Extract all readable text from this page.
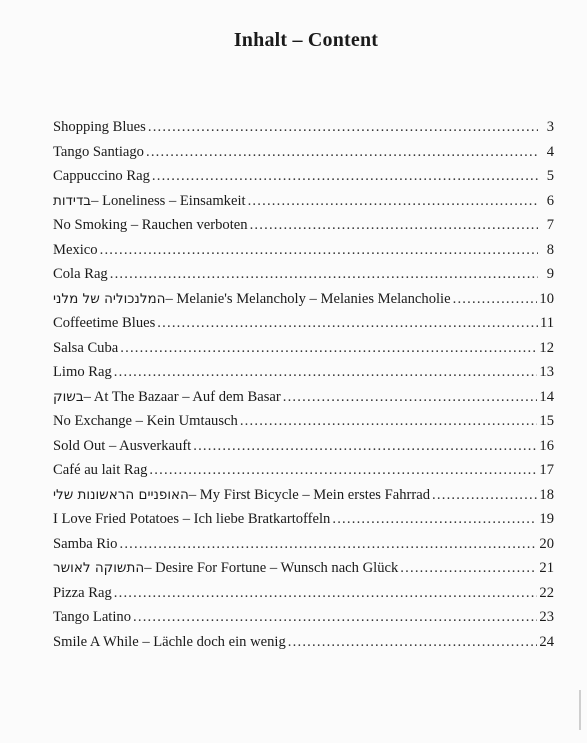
Inhalt – Content
Shopping Blues .....	3
Tango Santiago .....	4
Cappuccino Rag .....	5
בדידות – Loneliness – Einsamkeit .....	6
No Smoking – Rauchen verboten .....	7
Mexico .....	8
Cola Rag .....	9
המלנכוליה של מלני – Melanie's Melancholy – Melanies Melancholie .....	10
Coffeetime Blues .....	11
Salsa Cuba .....	12
Limo Rag .....	13
בשוק – At The Bazaar – Auf dem Basar .....	14
No Exchange – Kein Umtausch .....	15
Sold Out – Ausverkauft .....	16
Café au lait Rag .....	17
האופניים הראשונות שלי – My First Bicycle – Mein erstes Fahrrad .....	18
I Love Fried Potatoes – Ich liebe Bratkartoffeln .....	19
Samba Rio .....	20
התשוקה לאושר – Desire For Fortune – Wunsch nach Glück .....	21
Pizza Rag .....	22
Tango Latino .....	23
Smile A While – Lächle doch ein wenig .....	24
